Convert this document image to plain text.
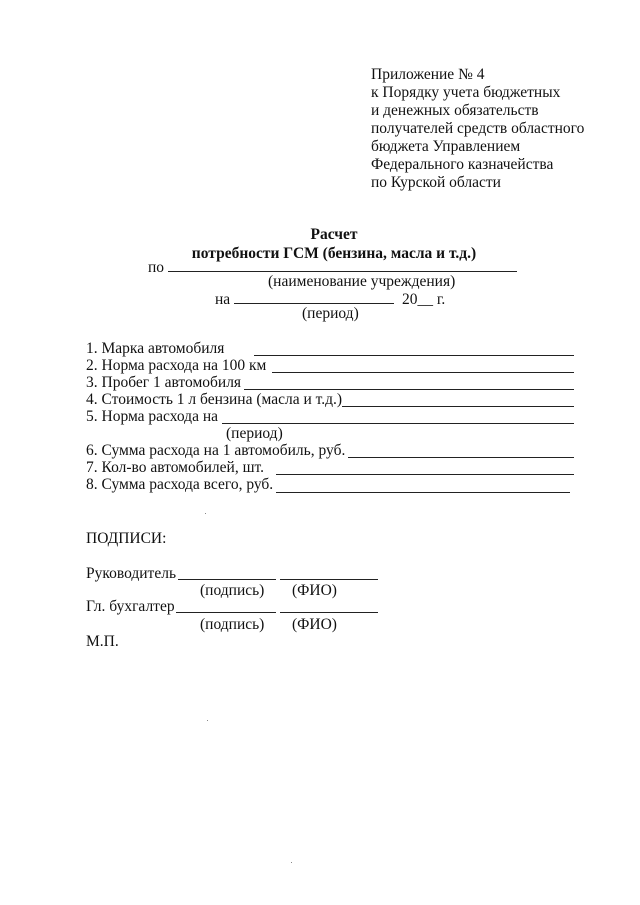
Приложение № 4
к Порядку учета бюджетных
и денежных обязательств
получателей средств областного
бюджета Управлением
Федерального казначейства
по Курской области
Расчет
потребности ГСМ (бензина, масла и т.д.)
по
(наименование учреждения)
на	20__ г.
(период)
1. Марка автомобиля
2. Норма расхода на 100 км
3. Пробег 1 автомобиля
4. Стоимость 1 л бензина (масла и т.д.)
5. Норма расхода на
(период)
6. Сумма расхода на 1 автомобиль, руб.
7. Кол-во автомобилей, шт.
8. Сумма расхода всего, руб.
ПОДПИСИ:
Руководитель
(подпись) (ФИО)
Гл. бухгалтер
(подпись) (ФИО)
М.П.
